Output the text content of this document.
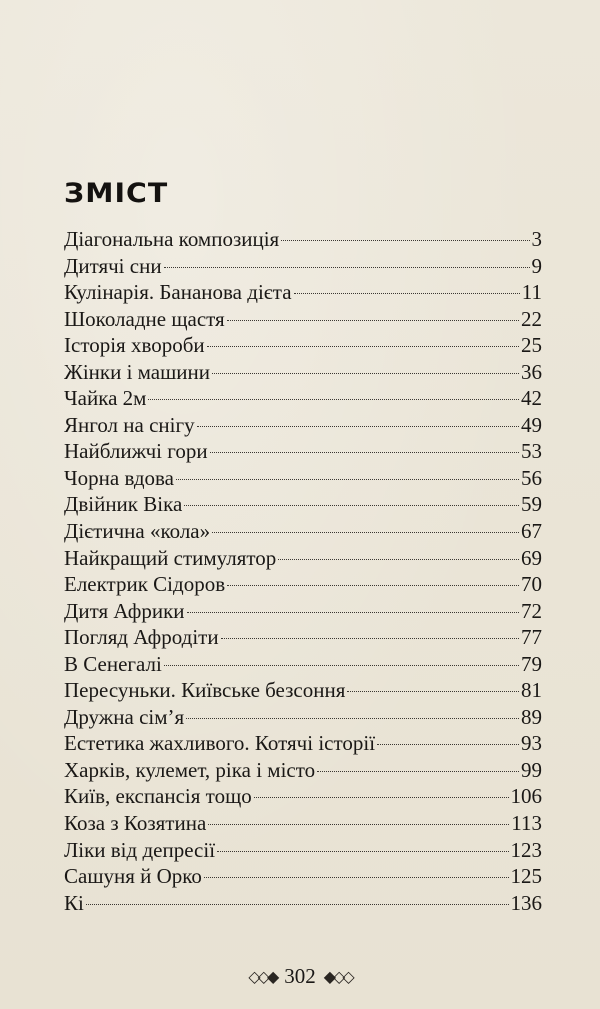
ЗМІСТ
Діагональна композиція	3
Дитячі сни	9
Кулінарія. Бананова дієта	11
Шоколадне щастя	22
Історія хвороби	25
Жінки і машини	36
Чайка 2м	42
Янгол на снігу	49
Найближчі гори	53
Чорна вдова	56
Двійник Віка	59
Дієтична «кола»	67
Найкращий стимулятор	69
Електрик Сідоров	70
Дитя Африки	72
Погляд Афродіти	77
В Сенегалі	79
Пересуньки. Київське безсоння	81
Дружна сім’я	89
Естетика жахливого. Котячі історії	93
Харків, кулемет, ріка і місто	99
Київ, експансія тощо	106
Коза з Козятина	113
Ліки від депресії	123
Сашуня й Орко	125
Кі	136
◇◇◆ 302 ◆◇◇
